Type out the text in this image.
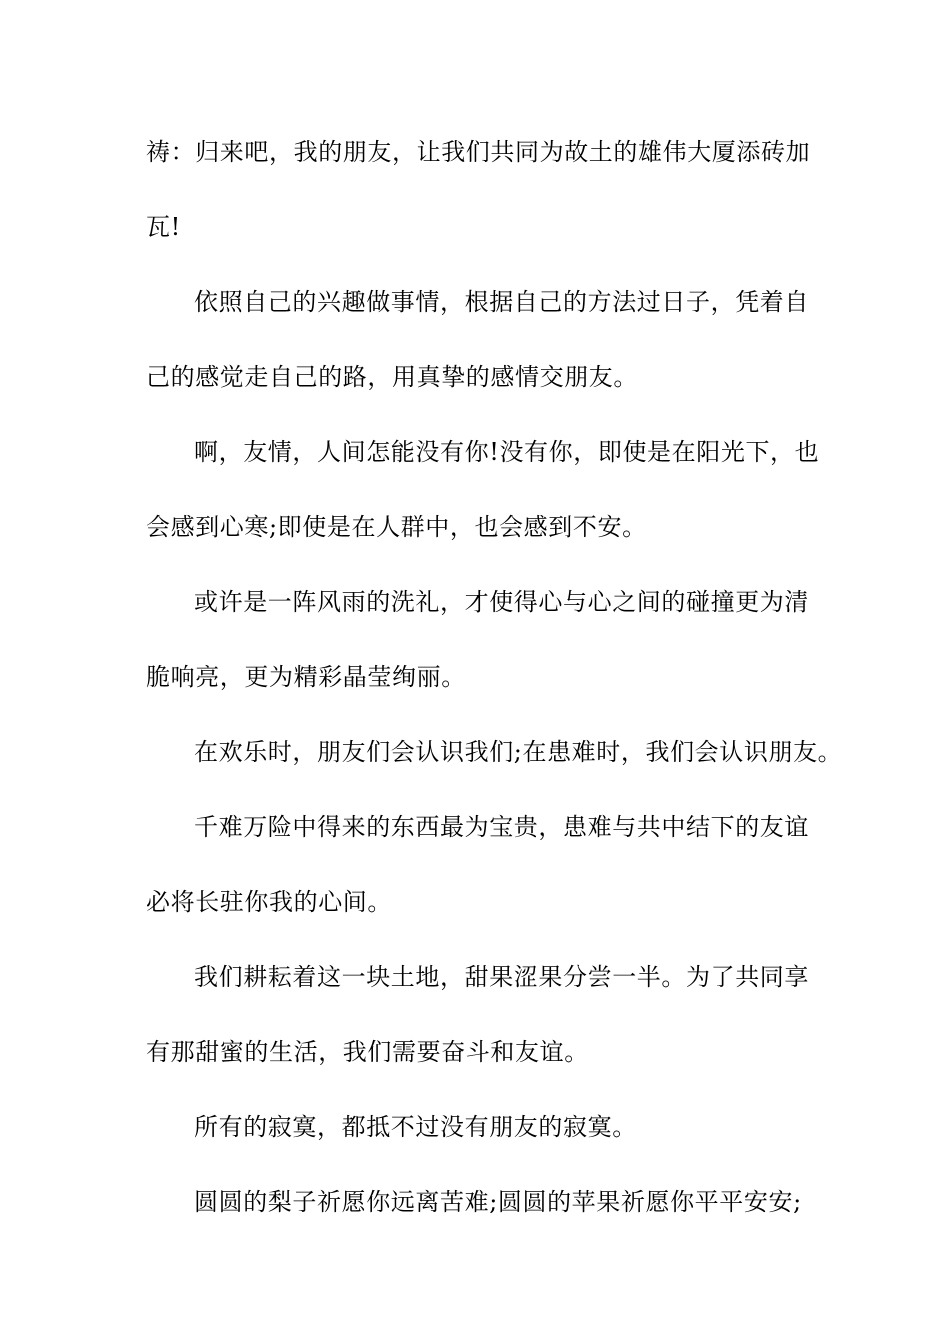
祷：归来吧，我的朋友，让我们共同为故土的雄伟大厦添砖加
瓦!
依照自己的兴趣做事情，根据自己的方法过日子，凭着自
己的感觉走自己的路，用真挚的感情交朋友。
啊，友情，人间怎能没有你!没有你，即使是在阳光下，也
会感到心寒;即使是在人群中，也会感到不安。
或许是一阵风雨的洗礼，才使得心与心之间的碰撞更为清
脆响亮，更为精彩晶莹绚丽。
在欢乐时，朋友们会认识我们;在患难时，我们会认识朋友。
千难万险中得来的东西最为宝贵，患难与共中结下的友谊
必将长驻你我的心间。
我们耕耘着这一块土地，甜果涩果分尝一半。为了共同享
有那甜蜜的生活，我们需要奋斗和友谊。
所有的寂寞，都抵不过没有朋友的寂寞。
圆圆的梨子祈愿你远离苦难;圆圆的苹果祈愿你平平安安;
